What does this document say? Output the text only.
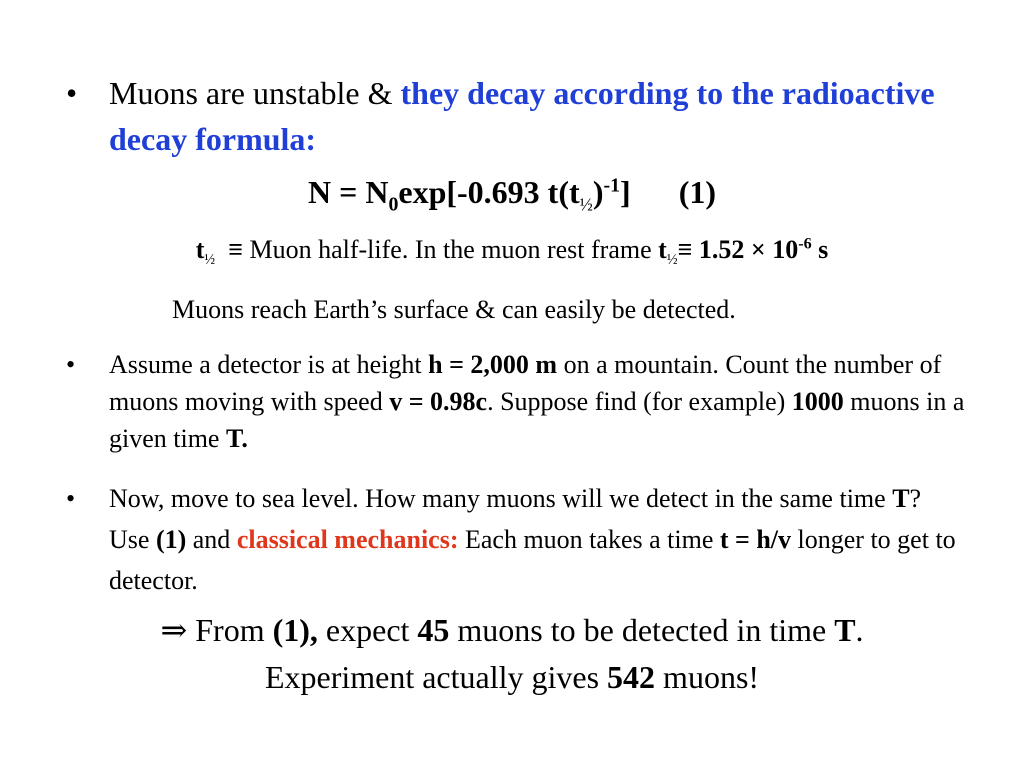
• Muons are unstable & they decay according to the radioactive decay formula:
$N = N_0\exp[-0.693$ $t(t_{\frac{1}{2}})^{-1}$] (1)
$t_{\frac{1}{2}}$ ≡ Muon half-life. In the muon rest frame $t_{\frac{1}{2}}\equiv 1.52 \times 10^{-6}$ s
Muons reach Earth’s surface & can easily be detected.
• Assume a detector is at height h = 2,000 m on a mountain. Count the number of muons moving with speed v = 0.98c. Suppose find (for example) 1000 muons in a given time T.
• Now, move to sea level. How many muons will we detect in the same time T? Use (1) and classical mechanics: Each muon takes a time t = h/v longer to get to detector.
⇒ From (1), expect 45 muons to be detected in time T.
Experiment actually gives 542 muons!
